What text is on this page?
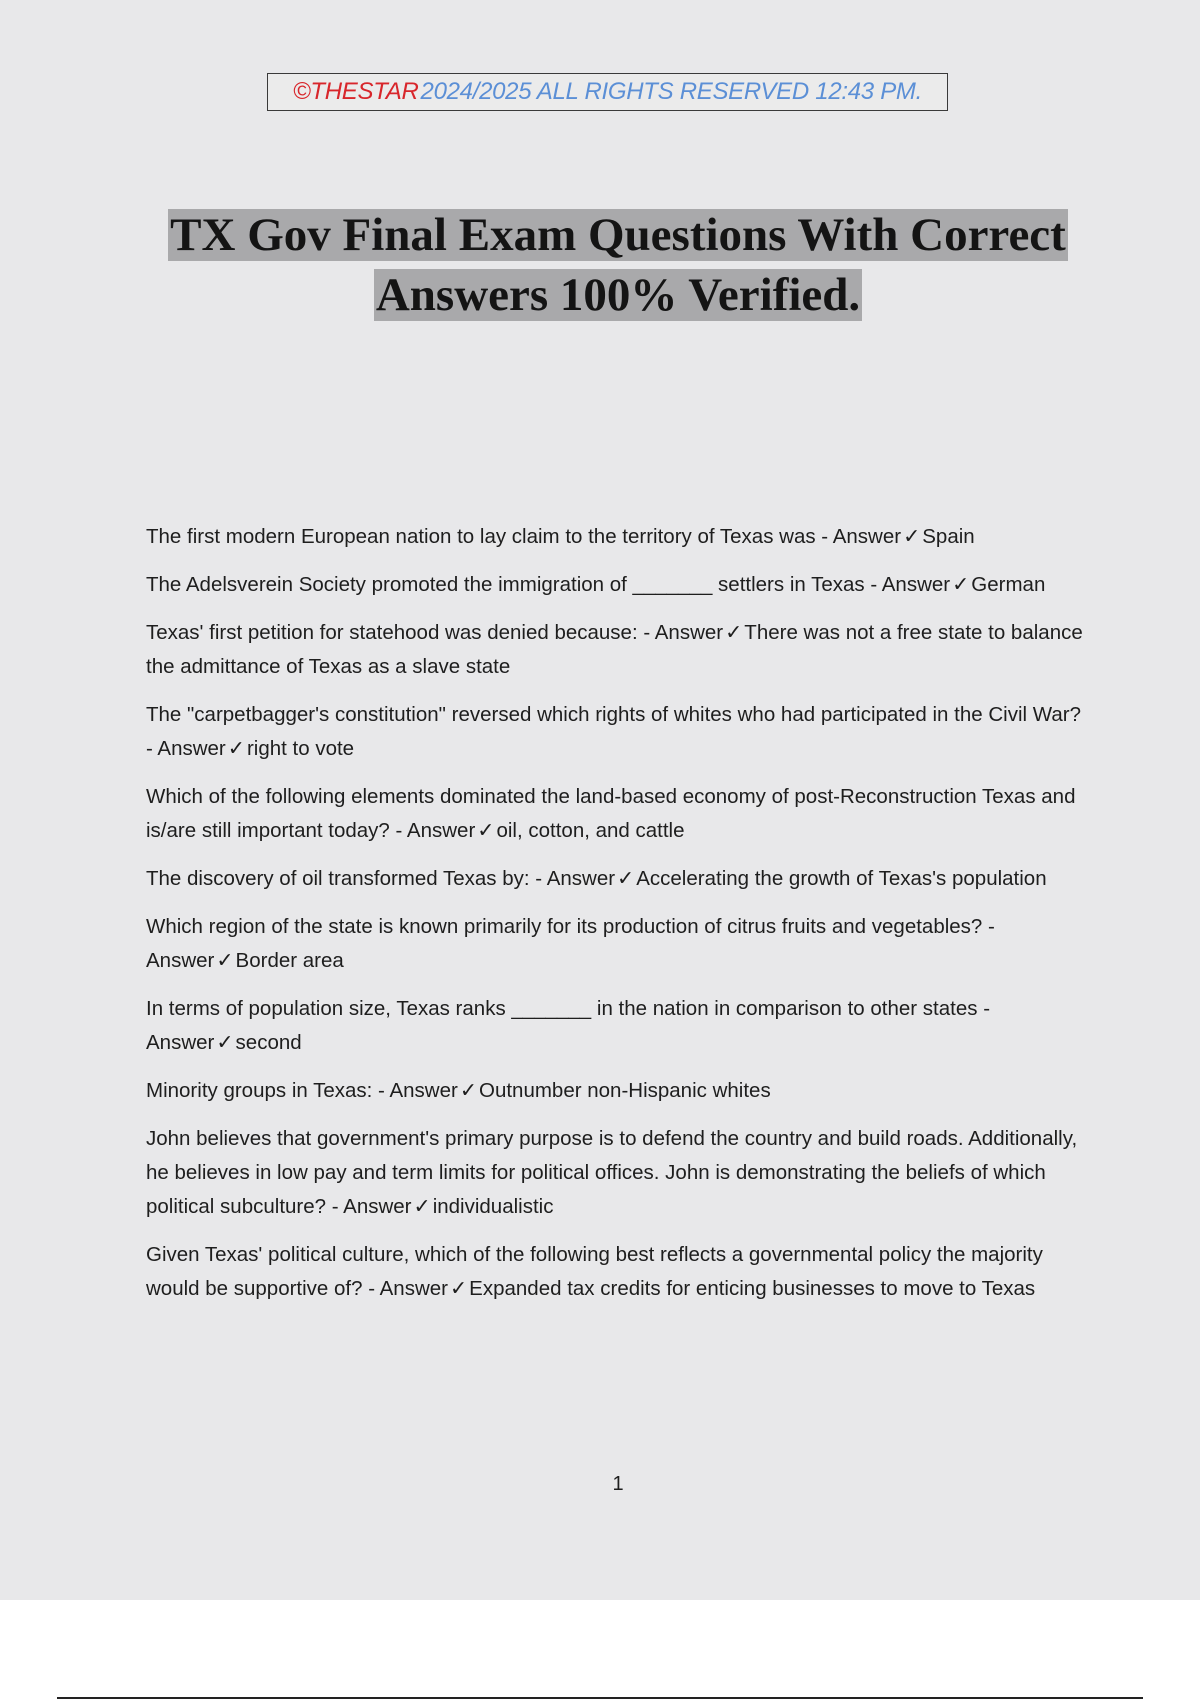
©THESTAR 2024/2025 ALL RIGHTS RESERVED 12:43 PM.
TX Gov Final Exam Questions With Correct
Answers 100% Verified.
The first modern European nation to lay claim to the territory of Texas was - Answer✓Spain
The Adelsverein Society promoted the immigration of _______ settlers in Texas - Answer✓German
Texas' first petition for statehood was denied because: - Answer✓There was not a free state to balance the admittance of Texas as a slave state
The "carpetbagger's constitution" reversed which rights of whites who had participated in the Civil War? - Answer✓right to vote
Which of the following elements dominated the land-based economy of post-Reconstruction Texas and is/are still important today? - Answer✓oil, cotton, and cattle
The discovery of oil transformed Texas by: - Answer✓Accelerating the growth of Texas's population
Which region of the state is known primarily for its production of citrus fruits and vegetables? - Answer✓Border area
In terms of population size, Texas ranks _______ in the nation in comparison to other states - Answer✓second
Minority groups in Texas: - Answer✓Outnumber non-Hispanic whites
John believes that government's primary purpose is to defend the country and build roads. Additionally, he believes in low pay and term limits for political offices. John is demonstrating the beliefs of which political subculture? - Answer✓individualistic
Given Texas' political culture, which of the following best reflects a governmental policy the majority would be supportive of? - Answer✓Expanded tax credits for enticing businesses to move to Texas
1
